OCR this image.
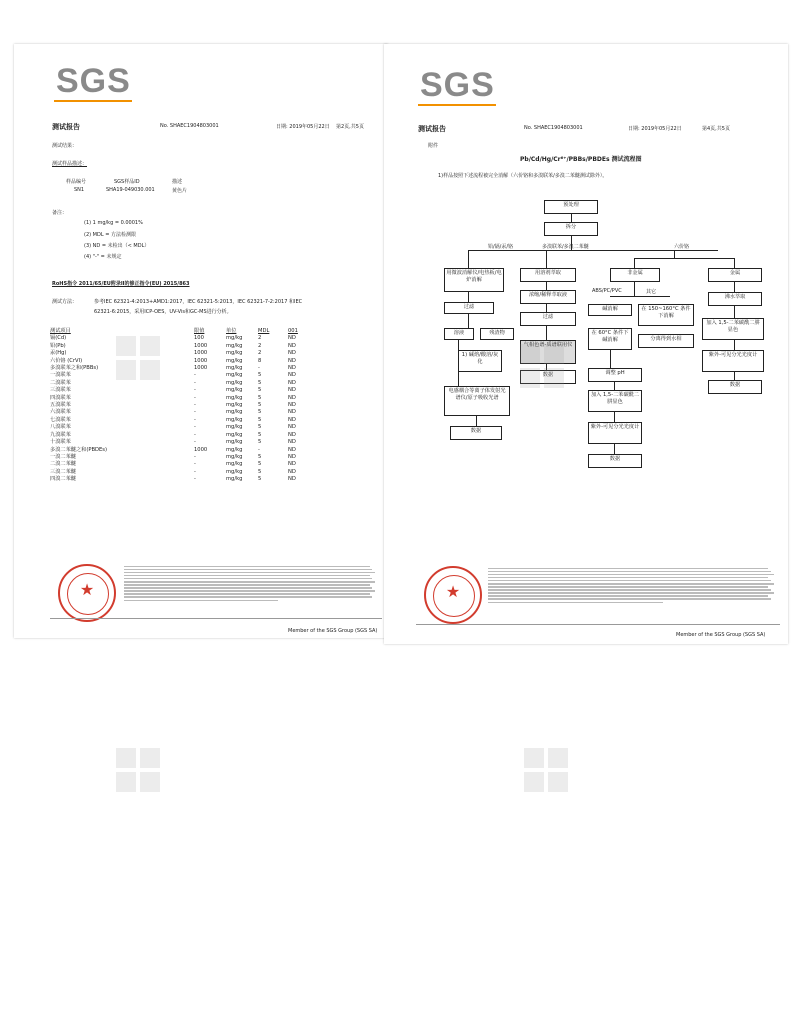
SGS
测试报告	No. SHAEC1904803001	日期: 2019年05月22日 第2页,共5页
测试结果：
测试样品描述：
样品编号	SGS样品ID	描述
SN1	SHA19-049030.001	黄色片
备注：
(1) 1 mg/kg = 0.0001%
(2) MDL = 方法检测限
(3) ND = 未检出（< MDL）
(4) "-" = 未规定
RoHS指令 2011/65/EU附录II的修正指令(EU) 2015/863
测试方法：	参考IEC 62321-4:2013+AMD1:2017，IEC 62321-5:2013，IEC 62321-7-2:2017 和IEC
62321-6:2015，采用ICP-OES，UV-Vis和GC-MS进行分析。
测试项目	限值	单位	MDL	001
镉(Cd)	100	mg/kg	2	ND
铅(Pb)	1000	mg/kg	2	ND
汞(Hg)	1000	mg/kg	2	ND
六价铬 (CrVI)	1000	mg/kg	8	ND
多溴联苯之和(PBBs)	1000	mg/kg	-	ND
一溴联苯	-	mg/kg	5	ND
二溴联苯	-	mg/kg	5	ND
三溴联苯	-	mg/kg	5	ND
四溴联苯	-	mg/kg	5	ND
五溴联苯	-	mg/kg	5	ND
六溴联苯	-	mg/kg	5	ND
七溴联苯	-	mg/kg	5	ND
八溴联苯	-	mg/kg	5	ND
九溴联苯	-	mg/kg	5	ND
十溴联苯	-	mg/kg	5	ND
多溴二苯醚之和(PBDEs)	1000	mg/kg	-	ND
一溴二苯醚	-	mg/kg	5	ND
二溴二苯醚	-	mg/kg	5	ND
三溴二苯醚	-	mg/kg	5	ND
四溴二苯醚	-	mg/kg	5	ND
★
Member of the SGS Group (SGS SA)
SGS
测试报告	No. SHAEC1904803001	日期: 2019年05月22日	第4页,共5页
附件
Pb/Cd/Hg/Cr⁶⁺/PBBs/PBDEs 测试流程图
1)样品按照下述流程被完全消解（六价铬和多溴联苯/多溴二苯醚测试除外）。
预处理
拆分
铅/镉/汞/铬	多溴联苯/多溴二苯醚	六价铬
用微波消解仪/电热板/电炉消解
过滤
溶液	残渣物
1) 碱熔/酸溶/灰化
电感耦合等离子体发射光谱仪/原子吸收光谱
数据
用溶剂萃取
浓缩/稀释萃取液
过滤
气相色谱-质谱联用仪
数据
非金属	金属
ABS/PC/PVC	其它
碱消解	在 150~160°C 条件下消解
在 60°C 条件下碱消解	分离得到水相
调整 pH
加入 1,5-二苯碳酰二肼显色
紫外-可见分光光度计
数据
沸水萃取
加入 1,5-二苯碳酰二肼显色
紫外-可见分光光度计
数据
★
Member of the SGS Group (SGS SA)
